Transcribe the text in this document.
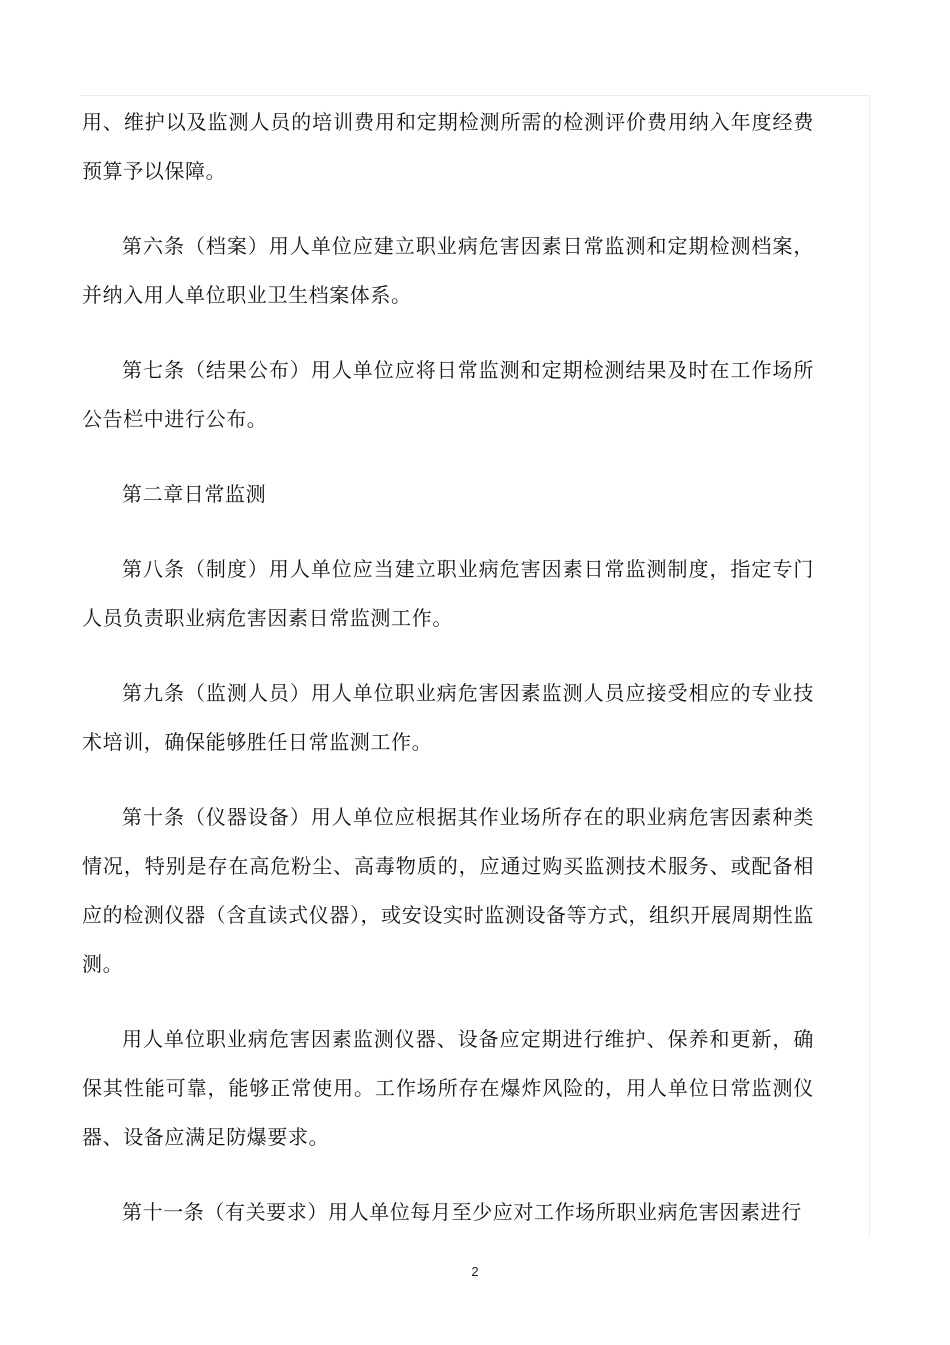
用、维护以及监测人员的培训费用和定期检测所需的检测评价费用纳入年度经费预算予以保障。

第六条（档案）用人单位应建立职业病危害因素日常监测和定期检测档案，并纳入用人单位职业卫生档案体系。

第七条（结果公布）用人单位应将日常监测和定期检测结果及时在工作场所公告栏中进行公布。

第二章日常监测

第八条（制度）用人单位应当建立职业病危害因素日常监测制度，指定专门人员负责职业病危害因素日常监测工作。

第九条（监测人员）用人单位职业病危害因素监测人员应接受相应的专业技术培训，确保能够胜任日常监测工作。

第十条（仪器设备）用人单位应根据其作业场所存在的职业病危害因素种类情况，特别是存在高危粉尘、高毒物质的，应通过购买监测技术服务、或配备相应的检测仪器（含直读式仪器），或安设实时监测设备等方式，组织开展周期性监测。

用人单位职业病危害因素监测仪器、设备应定期进行维护、保养和更新，确保其性能可靠，能够正常使用。工作场所存在爆炸风险的，用人单位日常监测仪器、设备应满足防爆要求。

第十一条（有关要求）用人单位每月至少应对工作场所职业病危害因素进行

2
